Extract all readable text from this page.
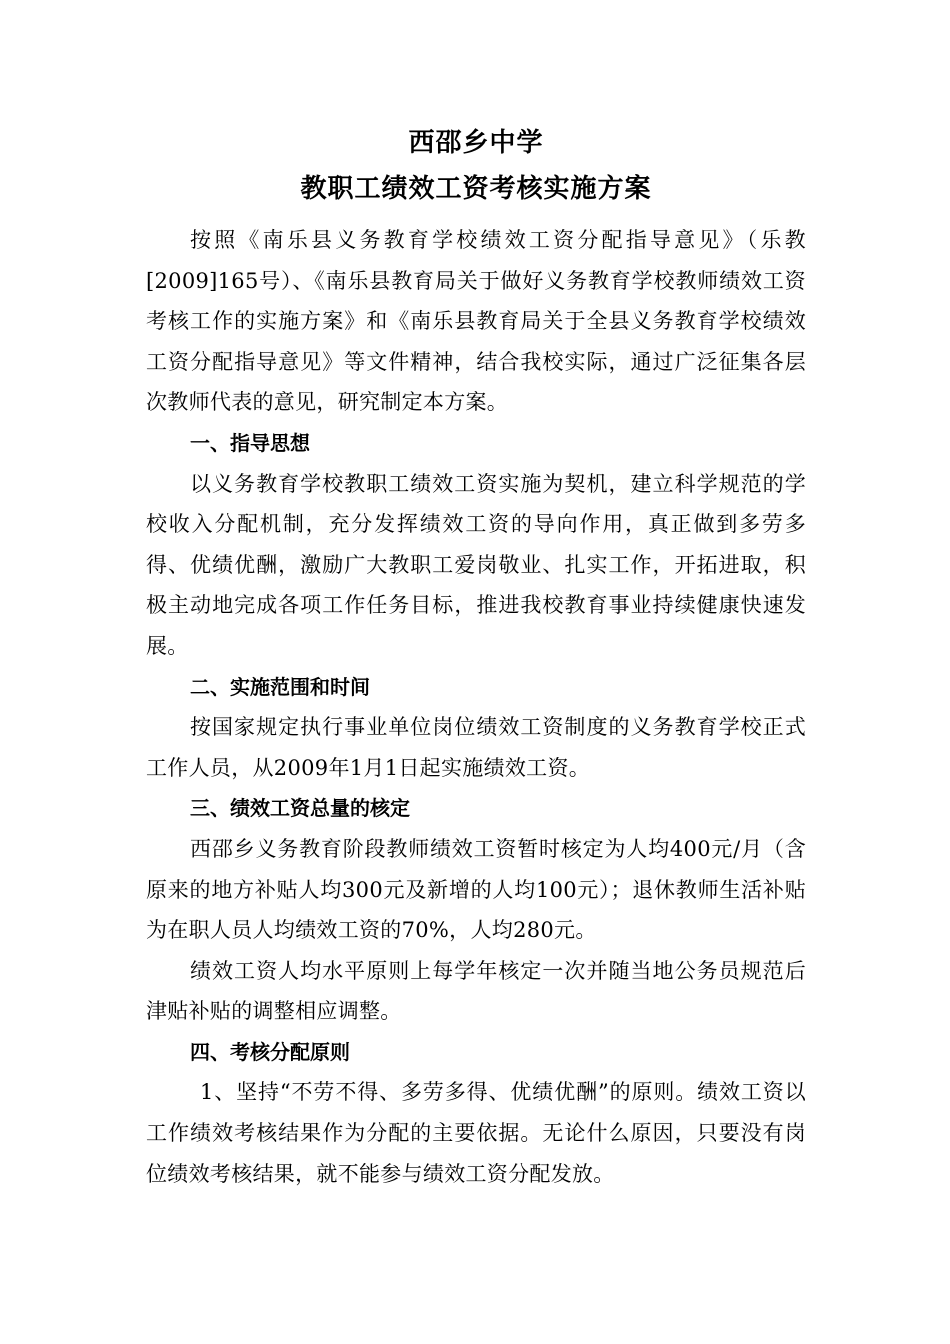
西邵乡中学
教职工绩效工资考核实施方案

按照《南乐县义务教育学校绩效工资分配指导意见》（乐教[2009]165号）、《南乐县教育局关于做好义务教育学校教师绩效工资考核工作的实施方案》和《南乐县教育局关于全县义务教育学校绩效工资分配指导意见》等文件精神，结合我校实际，通过广泛征集各层次教师代表的意见，研究制定本方案。

一、指导思想

以义务教育学校教职工绩效工资实施为契机，建立科学规范的学校收入分配机制，充分发挥绩效工资的导向作用，真正做到多劳多得、优绩优酬，激励广大教职工爱岗敬业、扎实工作，开拓进取，积极主动地完成各项工作任务目标，推进我校教育事业持续健康快速发展。

二、实施范围和时间

按国家规定执行事业单位岗位绩效工资制度的义务教育学校正式工作人员，从2009年1月1日起实施绩效工资。

三、绩效工资总量的核定

西邵乡义务教育阶段教师绩效工资暂时核定为人均400元/月（含原来的地方补贴人均300元及新增的人均100元）；退休教师生活补贴为在职人员人均绩效工资的70%，人均280元。

绩效工资人均水平原则上每学年核定一次并随当地公务员规范后津贴补贴的调整相应调整。

四、考核分配原则

1、坚持“不劳不得、多劳多得、优绩优酬”的原则。绩效工资以工作绩效考核结果作为分配的主要依据。无论什么原因，只要没有岗位绩效考核结果，就不能参与绩效工资分配发放。
